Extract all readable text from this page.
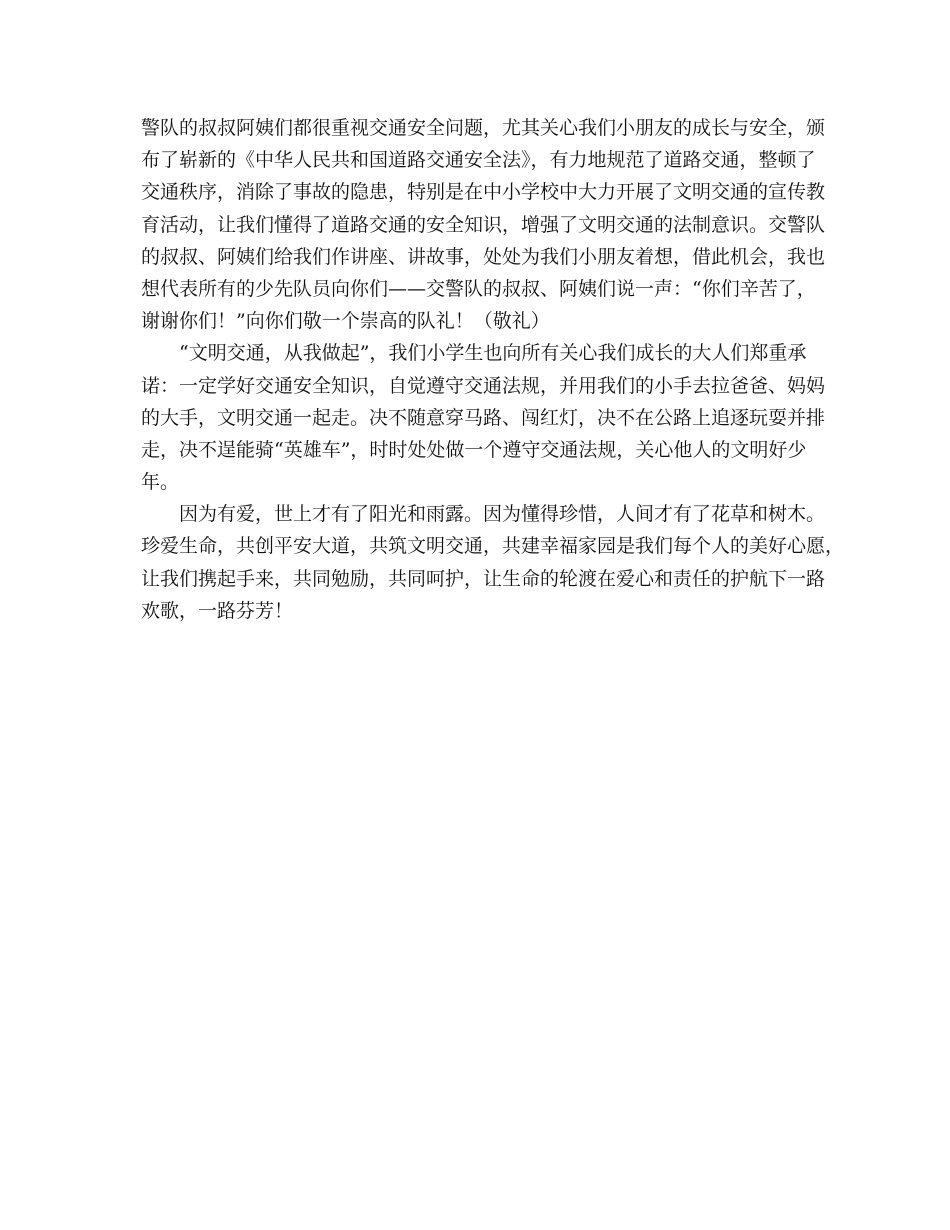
警队的叔叔阿姨们都很重视交通安全问题，尤其关心我们小朋友的成长与安全，颁
布了崭新的《中华人民共和国道路交通安全法》，有力地规范了道路交通，整顿了
交通秩序，消除了事故的隐患，特别是在中小学校中大力开展了文明交通的宣传教
育活动，让我们懂得了道路交通的安全知识，增强了文明交通的法制意识。交警队
的叔叔、阿姨们给我们作讲座、讲故事，处处为我们小朋友着想，借此机会，我也
想代表所有的少先队员向你们——交警队的叔叔、阿姨们说一声：“你们辛苦了，
谢谢你们！”向你们敬一个崇高的队礼！（敬礼）
“文明交通，从我做起”，我们小学生也向所有关心我们成长的大人们郑重承
诺：一定学好交通安全知识，自觉遵守交通法规，并用我们的小手去拉爸爸、妈妈
的大手，文明交通一起走。决不随意穿马路、闯红灯，决不在公路上追逐玩耍并排
走，决不逞能骑“英雄车”，时时处处做一个遵守交通法规，关心他人的文明好少
年。
因为有爱，世上才有了阳光和雨露。因为懂得珍惜，人间才有了花草和树木。
珍爱生命，共创平安大道，共筑文明交通，共建幸福家园是我们每个人的美好心愿，
让我们携起手来，共同勉励，共同呵护，让生命的轮渡在爱心和责任的护航下一路
欢歌，一路芬芳！
